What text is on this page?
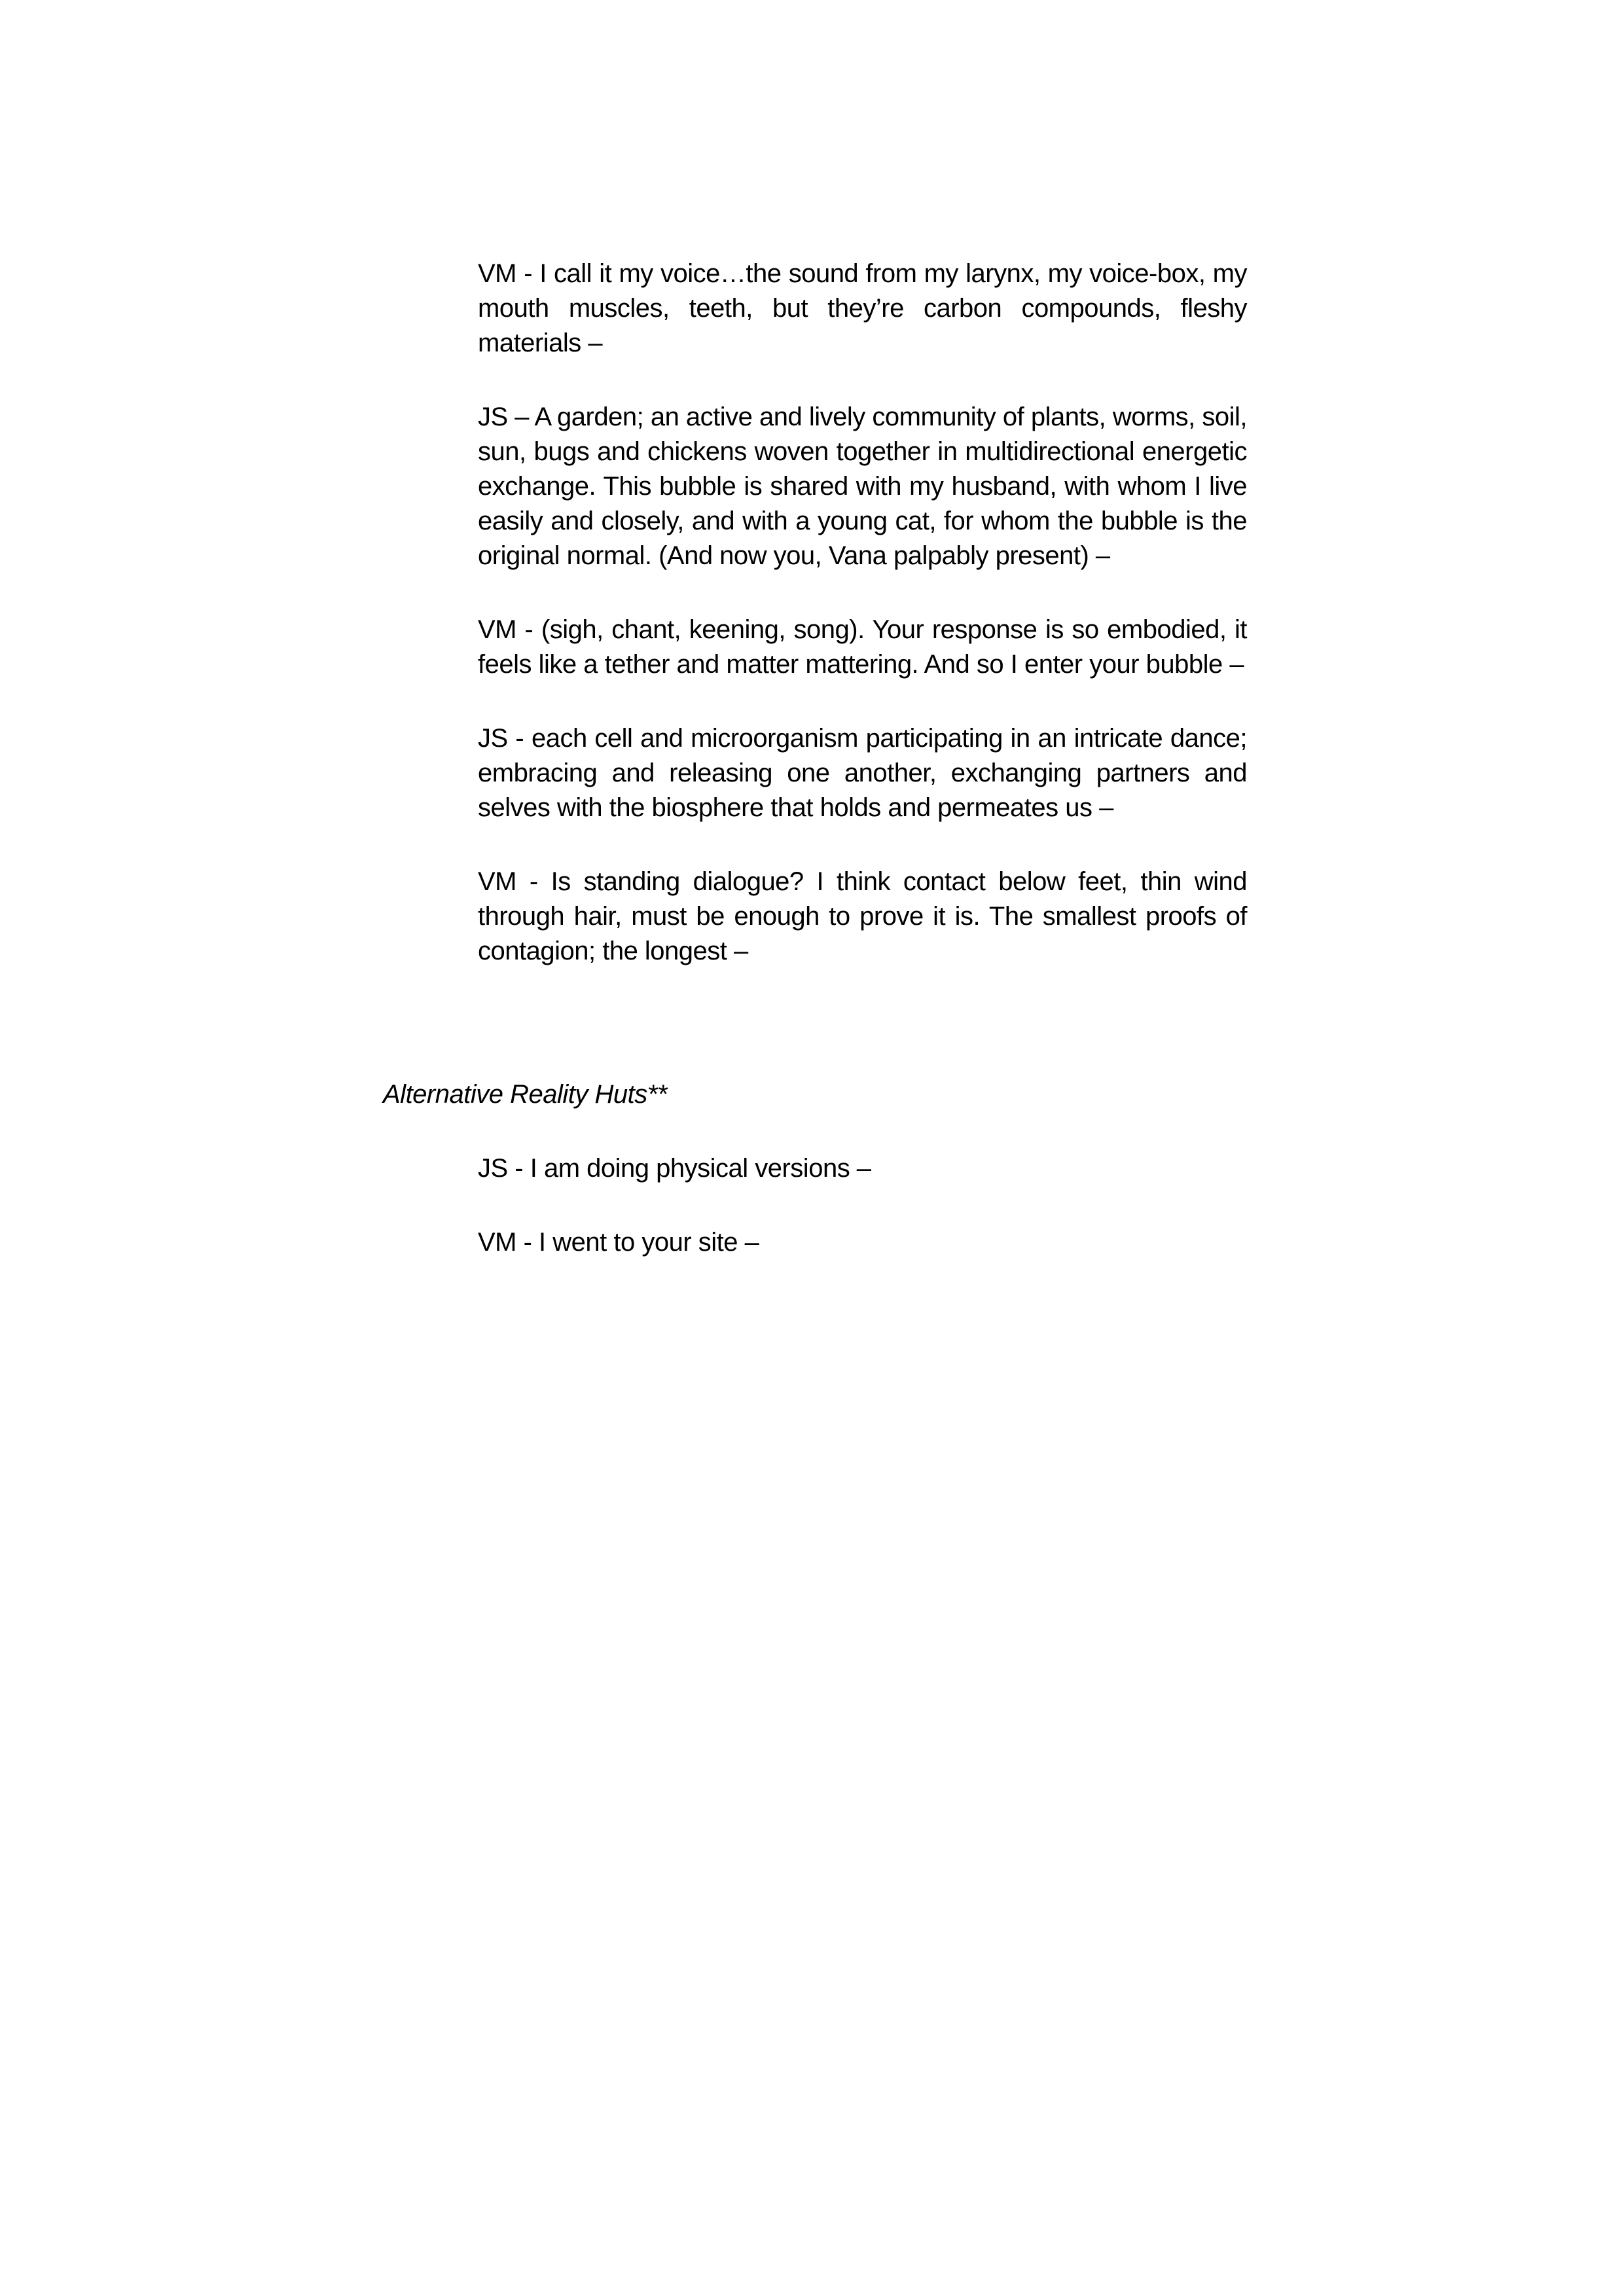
VM - I call it my voice…the sound from my larynx, my voice-box, my mouth muscles, teeth, but they’re carbon compounds, fleshy materials –

JS – A garden; an active and lively community of plants, worms, soil, sun, bugs and chickens woven together in multidirectional energetic exchange. This bubble is shared with my husband, with whom I live easily and closely, and with a young cat, for whom the bubble is the original normal. (And now you, Vana palpably present) –

VM - (sigh, chant, keening, song). Your response is so embodied, it feels like a tether and matter mattering. And so I enter your bubble –

JS - each cell and microorganism participating in an intricate dance; embracing and releasing one another, exchanging partners and selves with the biosphere that holds and permeates us –

VM - Is standing dialogue? I think contact below feet, thin wind through hair, must be enough to prove it is. The smallest proofs of contagion; the longest –

Alternative Reality Huts**

JS - I am doing physical versions –

VM - I went to your site –
